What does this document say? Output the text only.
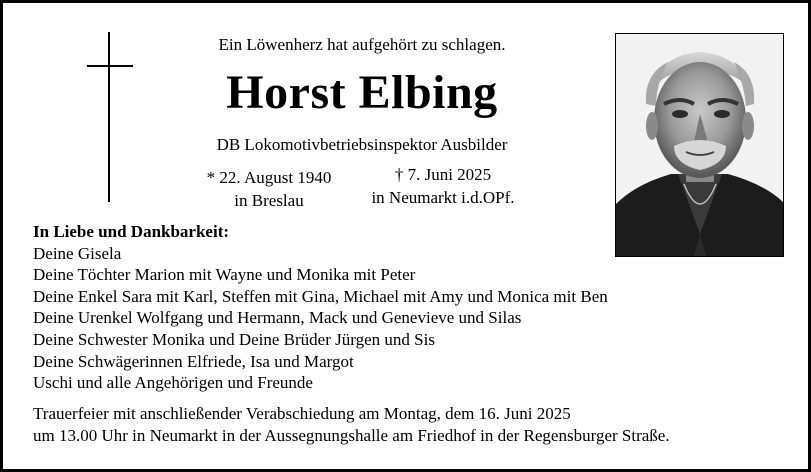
Ein Löwenherz hat aufgehört zu schlagen.
Horst Elbing
DB Lokomotivbetriebsinspektor Ausbilder
* 22. August 1940
in Breslau
† 7. Juni 2025
in Neumarkt i.d.OPf.
In Liebe und Dankbarkeit:
Deine Gisela
Deine Töchter Marion mit Wayne und Monika mit Peter
Deine Enkel Sara mit Karl, Steffen mit Gina, Michael mit Amy und Monica mit Ben
Deine Urenkel Wolfgang und Hermann, Mack und Genevieve und Silas
Deine Schwester Monika und Deine Brüder Jürgen und Sis
Deine Schwägerinnen Elfriede, Isa und Margot
Uschi und alle Angehörigen und Freunde
Trauerfeier mit anschließender Verabschiedung am Montag, dem 16. Juni 2025
um 13.00 Uhr in Neumarkt in der Aussegnungshalle am Friedhof in der Regensburger Straße.
